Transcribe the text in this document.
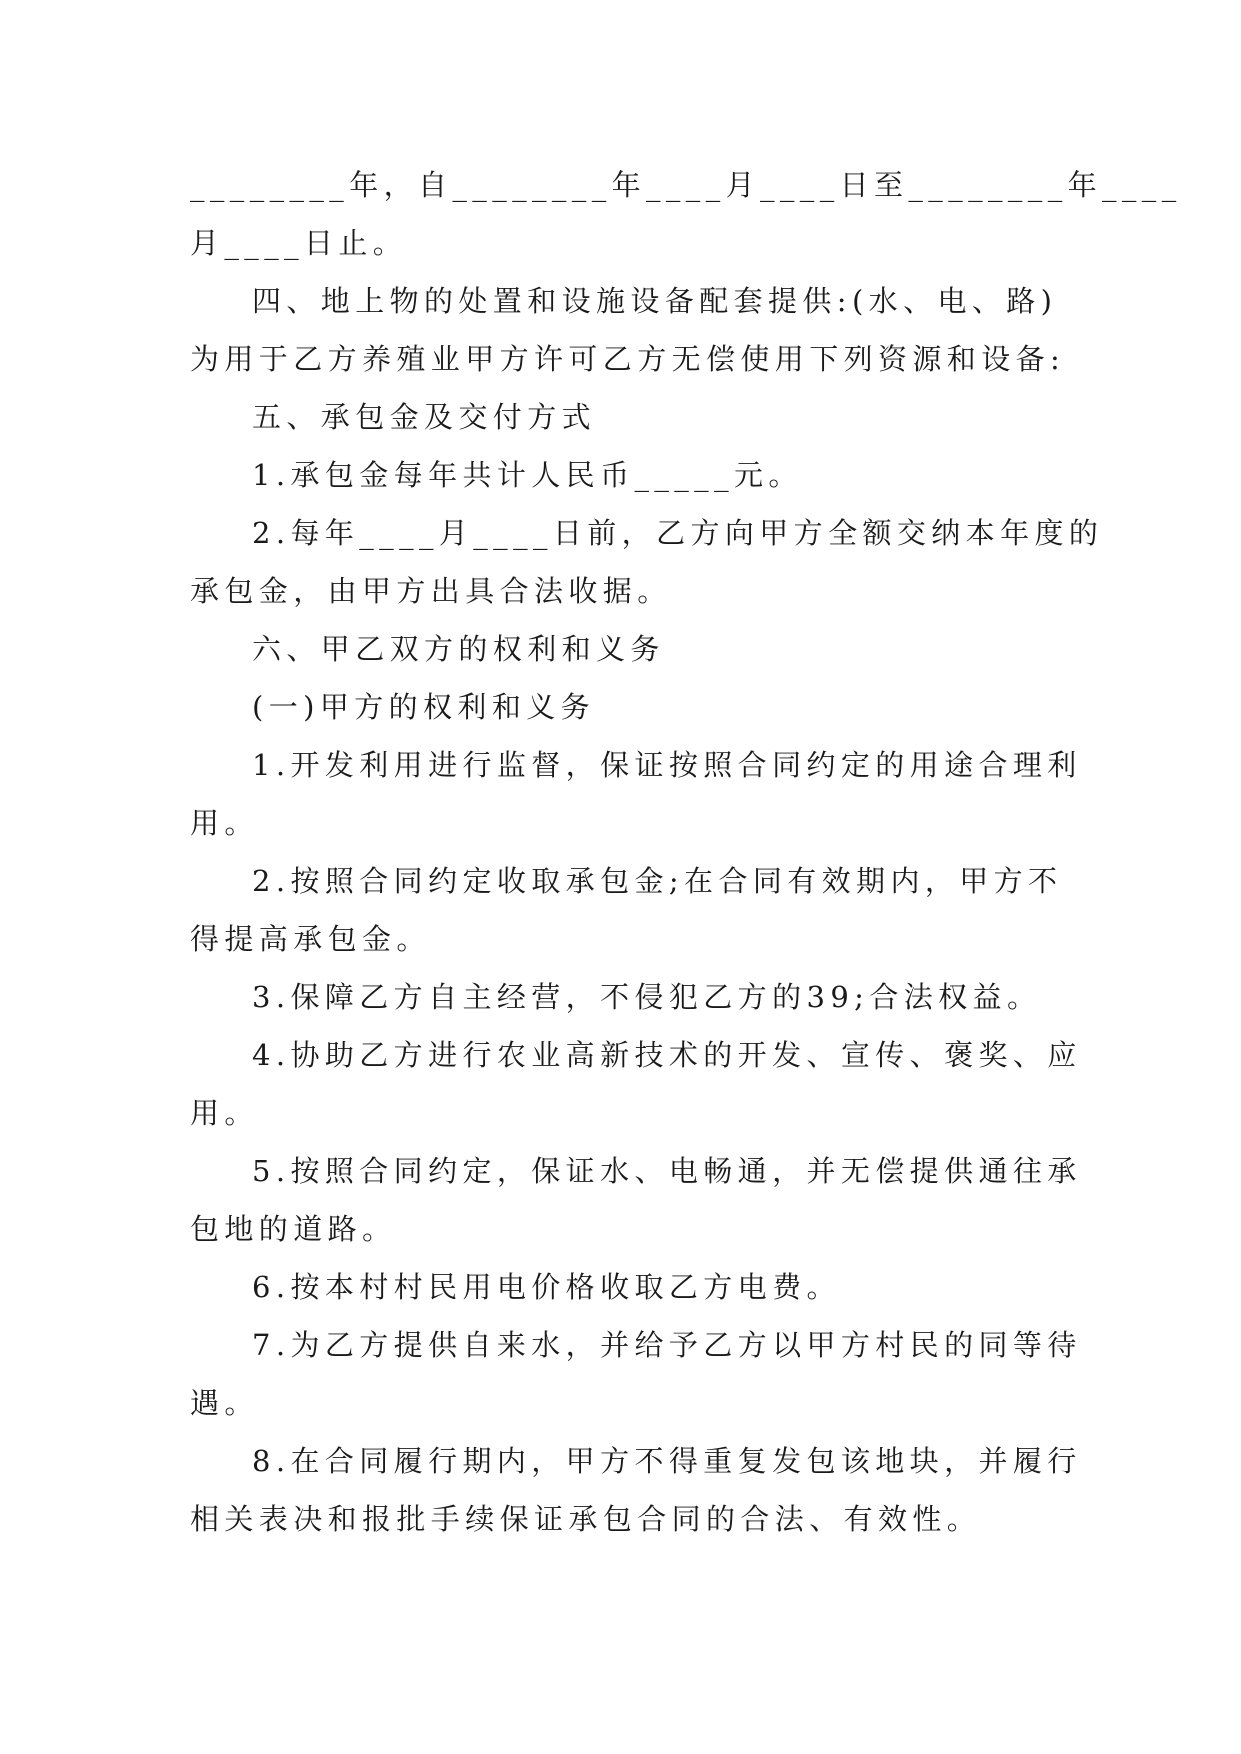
________年，自________年____月____日至________年____
月____日止。
四、地上物的处置和设施设备配套提供:(水、电、路)
为用于乙方养殖业甲方许可乙方无偿使用下列资源和设备:
五、承包金及交付方式
1.承包金每年共计人民币_____元。
2.每年____月____日前，乙方向甲方全额交纳本年度的
承包金，由甲方出具合法收据。
六、甲乙双方的权利和义务
(一)甲方的权利和义务
1.开发利用进行监督，保证按照合同约定的用途合理利
用。
2.按照合同约定收取承包金;在合同有效期内，甲方不
得提高承包金。
3.保障乙方自主经营，不侵犯乙方的39;合法权益。
4.协助乙方进行农业高新技术的开发、宣传、褒奖、应
用。
5.按照合同约定，保证水、电畅通，并无偿提供通往承
包地的道路。
6.按本村村民用电价格收取乙方电费。
7.为乙方提供自来水，并给予乙方以甲方村民的同等待
遇。
8.在合同履行期内，甲方不得重复发包该地块，并履行
相关表决和报批手续保证承包合同的合法、有效性。
